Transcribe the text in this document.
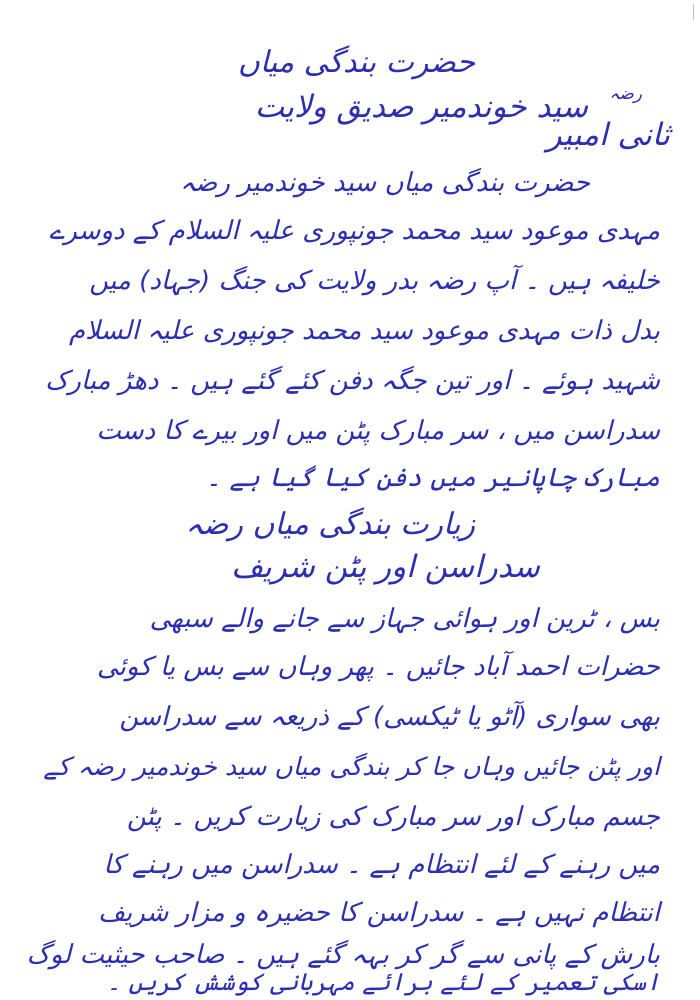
حضرت بندگی میاں
سید خوندمیر صدیق ولایت رضہ
ثانی امبیر
حضرت بندگی میاں سید خوندمیر رضہ
مہدی موعود سید محمد جونپوری علیہ السلام کے دوسرے
خلیفہ ہیں ۔ آپ رضہ بدر ولایت کی جنگ (جہاد) میں
بدل ذات مہدی موعود سید محمد جونپوری علیہ السلام
شہید ہوئے ۔ اور تین جگہ دفن کئے گئے ہیں ۔ دھڑ مبارک
سدراسن میں ، سر مبارک پٹن میں اور بیرے کا دست
مبارک چاپانیر میں دفن کیا گیا ہے ۔
زیارت بندگی میاں رضہ
سدراسن اور پٹن شریف
بس ، ٹرین اور ہوائی جہاز سے جانے والے سبھی
حضرات احمد آباد جائیں ۔ پھر وہاں سے بس یا کوئی
بھی سواری (آٹو یا ٹیکسی) کے ذریعہ سے سدراسن
اور پٹن جائیں وہاں جا کر بندگی میاں سید خوندمیر رضہ کے
جسم مبارک اور سر مبارک کی زیارت کریں ۔ پٹن
میں رہنے کے لئے انتظام ہے ۔ سدراسن میں رہنے کا
انتظام نہیں ہے ۔ سدراسن کا حضیرہ و مزار شریف
بارش کے پانی سے گر کر بہہ گئے ہیں ۔ صاحب حیثیت لوگ
اسکی تعمیر کے لئے برائے مہربانی کوشش کریں ۔
